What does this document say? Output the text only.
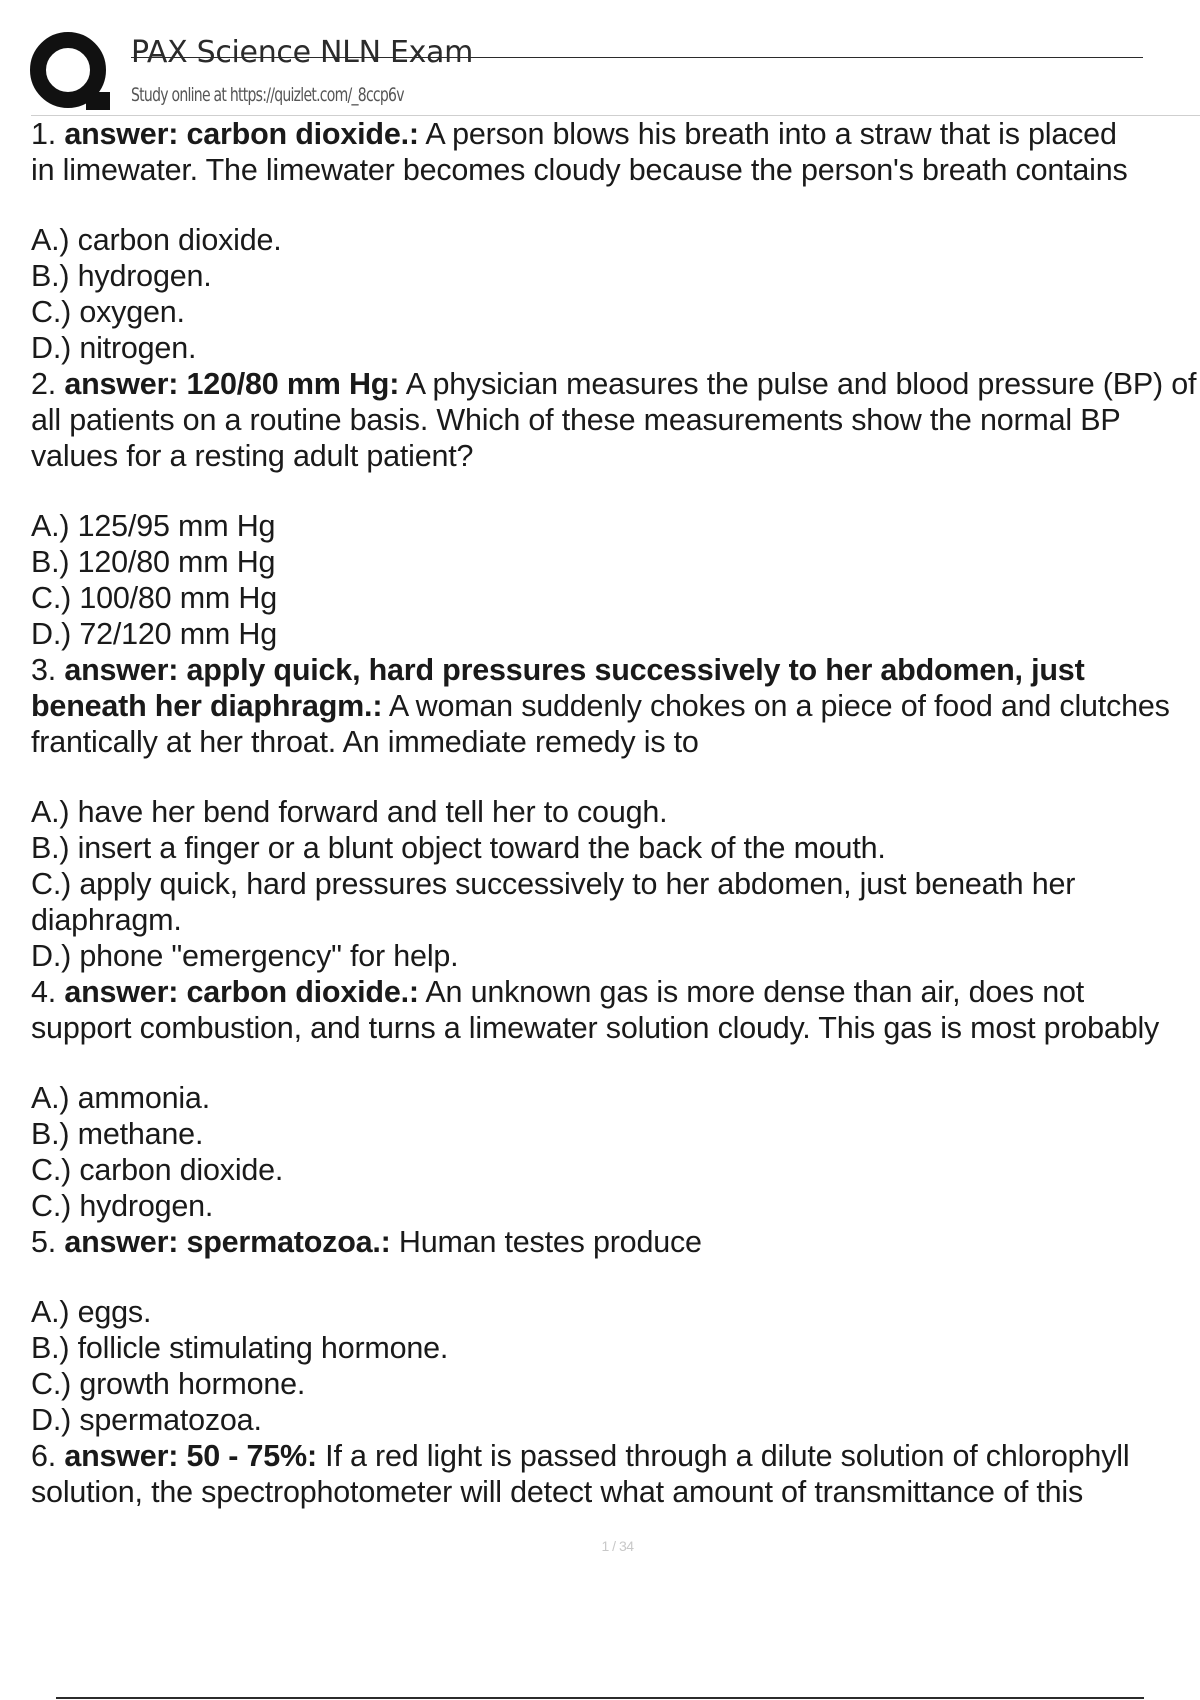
PAX Science NLN Exam
Study online at https://quizlet.com/_8ccp6v

1. answer: carbon dioxide.: A person blows his breath into a straw that is placed
in limewater. The limewater becomes cloudy because the person's breath contains

A.) carbon dioxide.

B.) hydrogen.

C.) oxygen.

D.) nitrogen.

2. answer: 120/80 mm Hg: A physician measures the pulse and blood pressure (BP) of all patients on a routine basis. Which of these measurements show the normal BP values for a resting adult patient?

A.) 125/95 mm Hg

B.) 120/80 mm Hg

C.) 100/80 mm Hg

D.) 72/120 mm Hg

3. answer: apply quick, hard pressures successively to her abdomen, just beneath her diaphragm.: A woman suddenly chokes on a piece of food and clutches frantically at her throat. An immediate remedy is to

A.) have her bend forward and tell her to cough.

B.) insert a finger or a blunt object toward the back of the mouth.

C.) apply quick, hard pressures successively to her abdomen, just beneath her diaphragm.

D.) phone "emergency" for help.

4. answer: carbon dioxide.: An unknown gas is more dense than air, does not
support combustion, and turns a limewater solution cloudy. This gas is most probably

A.) ammonia.

B.) methane.

C.) carbon dioxide.

C.) hydrogen.

5. answer: spermatozoa.: Human testes produce

A.) eggs.

B.) follicle stimulating hormone.

C.) growth hormone.

D.) spermatozoa.

6. answer: 50 - 75%: If a red light is passed through a dilute solution of chlorophyll
solution, the spectrophotometer will detect what amount of transmittance of this

1 / 34
